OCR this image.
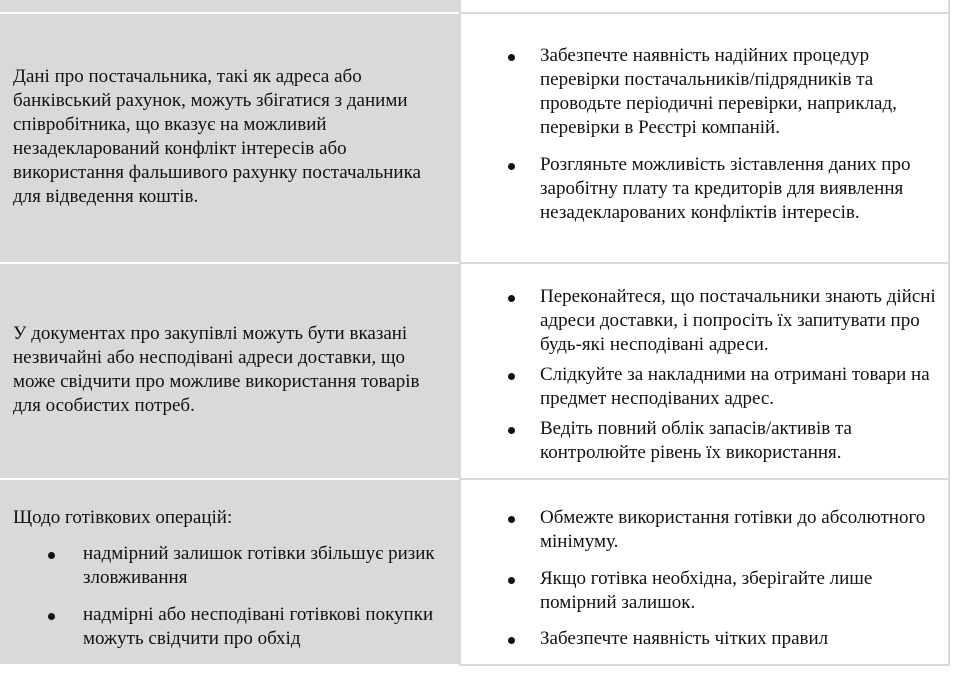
Дані про постачальника, такі як адреса або банківський рахунок, можуть збігатися з даними співробітника, що вказує на можливий незадекларований конфлікт інтересів або використання фальшивого рахунку постачальника для відведення коштів.

Забезпечте наявність надійних процедур перевірки постачальників/підрядників та проводьте періодичні перевірки, наприклад, перевірки в Реєстрі компаній.
Розгляньте можливість зіставлення даних про заробітну плату та кредиторів для виявлення незадекларованих конфліктів інтересів.

У документах про закупівлі можуть бути вказані незвичайні або несподівані адреси доставки, що може свідчити про можливе використання товарів для особистих потреб.

Переконайтеся, що постачальники знають дійсні адреси доставки, і попросіть їх запитувати про будь-які несподівані адреси.
Слідкуйте за накладними на отримані товари на предмет несподіваних адрес.
Ведіть повний облік запасів/активів та контролюйте рівень їх використання.

Щодо готівкових операцій:

надмірний залишок готівки збільшує ризик зловживання
надмірні або несподівані готівкові покупки можуть свідчити про обхід
Обмежте використання готівки до абсолютного мінімуму.
Якщо готівка необхідна, зберігайте лише помірний залишок.
Забезпечте наявність чітких правил
